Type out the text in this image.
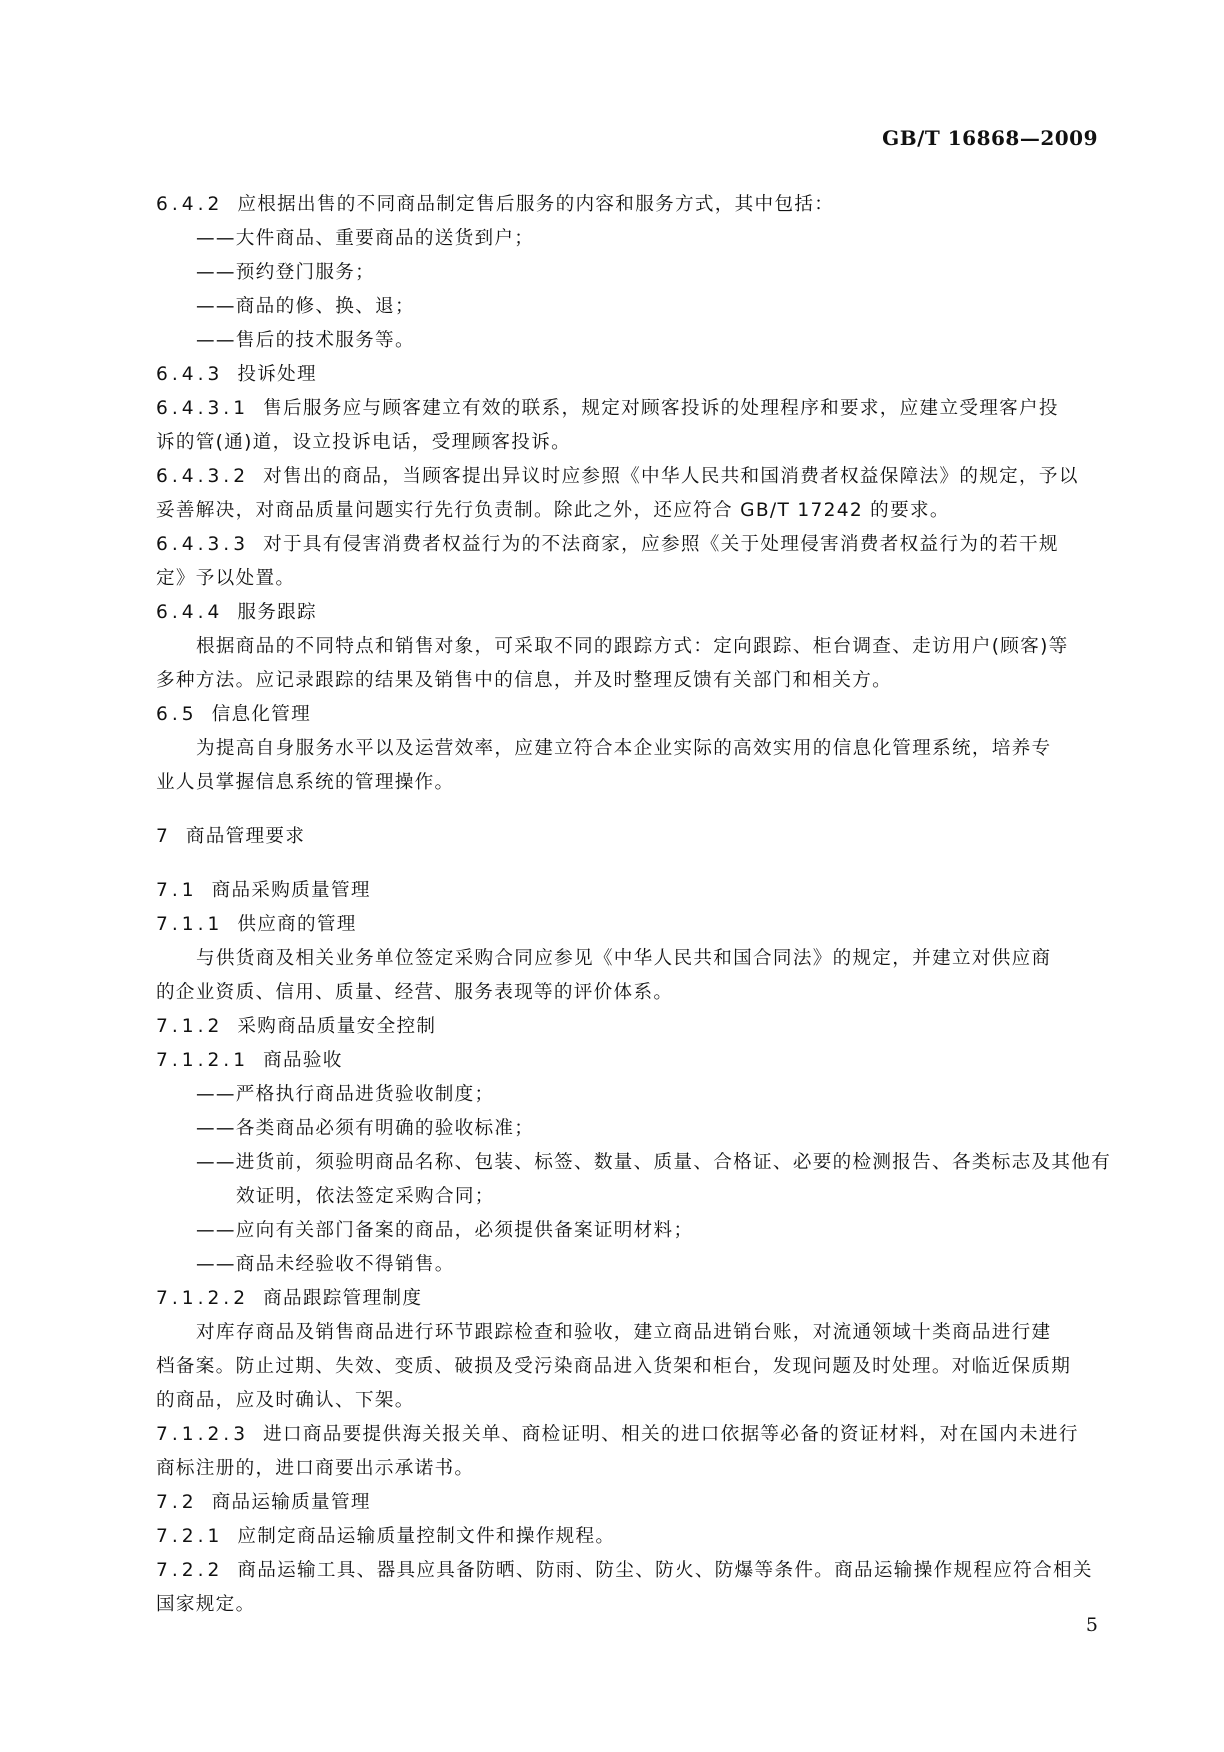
GB/T 16868—2009
6.4.2 应根据出售的不同商品制定售后服务的内容和服务方式，其中包括：
——大件商品、重要商品的送货到户；
——预约登门服务；
——商品的修、换、退；
——售后的技术服务等。
6.4.3 投诉处理
6.4.3.1 售后服务应与顾客建立有效的联系，规定对顾客投诉的处理程序和要求，应建立受理客户投
诉的管(通)道，设立投诉电话，受理顾客投诉。
6.4.3.2 对售出的商品，当顾客提出异议时应参照《中华人民共和国消费者权益保障法》的规定，予以
妥善解决，对商品质量问题实行先行负责制。除此之外，还应符合 GB/T 17242 的要求。
6.4.3.3 对于具有侵害消费者权益行为的不法商家，应参照《关于处理侵害消费者权益行为的若干规
定》予以处置。
6.4.4 服务跟踪
根据商品的不同特点和销售对象，可采取不同的跟踪方式：定向跟踪、柜台调查、走访用户(顾客)等
多种方法。应记录跟踪的结果及销售中的信息，并及时整理反馈有关部门和相关方。
6.5 信息化管理
为提高自身服务水平以及运营效率，应建立符合本企业实际的高效实用的信息化管理系统，培养专
业人员掌握信息系统的管理操作。
7 商品管理要求
7.1 商品采购质量管理
7.1.1 供应商的管理
与供货商及相关业务单位签定采购合同应参见《中华人民共和国合同法》的规定，并建立对供应商
的企业资质、信用、质量、经营、服务表现等的评价体系。
7.1.2 采购商品质量安全控制
7.1.2.1 商品验收
——严格执行商品进货验收制度；
——各类商品必须有明确的验收标准；
——进货前，须验明商品名称、包装、标签、数量、质量、合格证、必要的检测报告、各类标志及其他有
效证明，依法签定采购合同；
——应向有关部门备案的商品，必须提供备案证明材料；
——商品未经验收不得销售。
7.1.2.2 商品跟踪管理制度
对库存商品及销售商品进行环节跟踪检查和验收，建立商品进销台账，对流通领域十类商品进行建
档备案。防止过期、失效、变质、破损及受污染商品进入货架和柜台，发现问题及时处理。对临近保质期
的商品，应及时确认、下架。
7.1.2.3 进口商品要提供海关报关单、商检证明、相关的进口依据等必备的资证材料，对在国内未进行
商标注册的，进口商要出示承诺书。
7.2 商品运输质量管理
7.2.1 应制定商品运输质量控制文件和操作规程。
7.2.2 商品运输工具、器具应具备防晒、防雨、防尘、防火、防爆等条件。商品运输操作规程应符合相关
国家规定。
5
